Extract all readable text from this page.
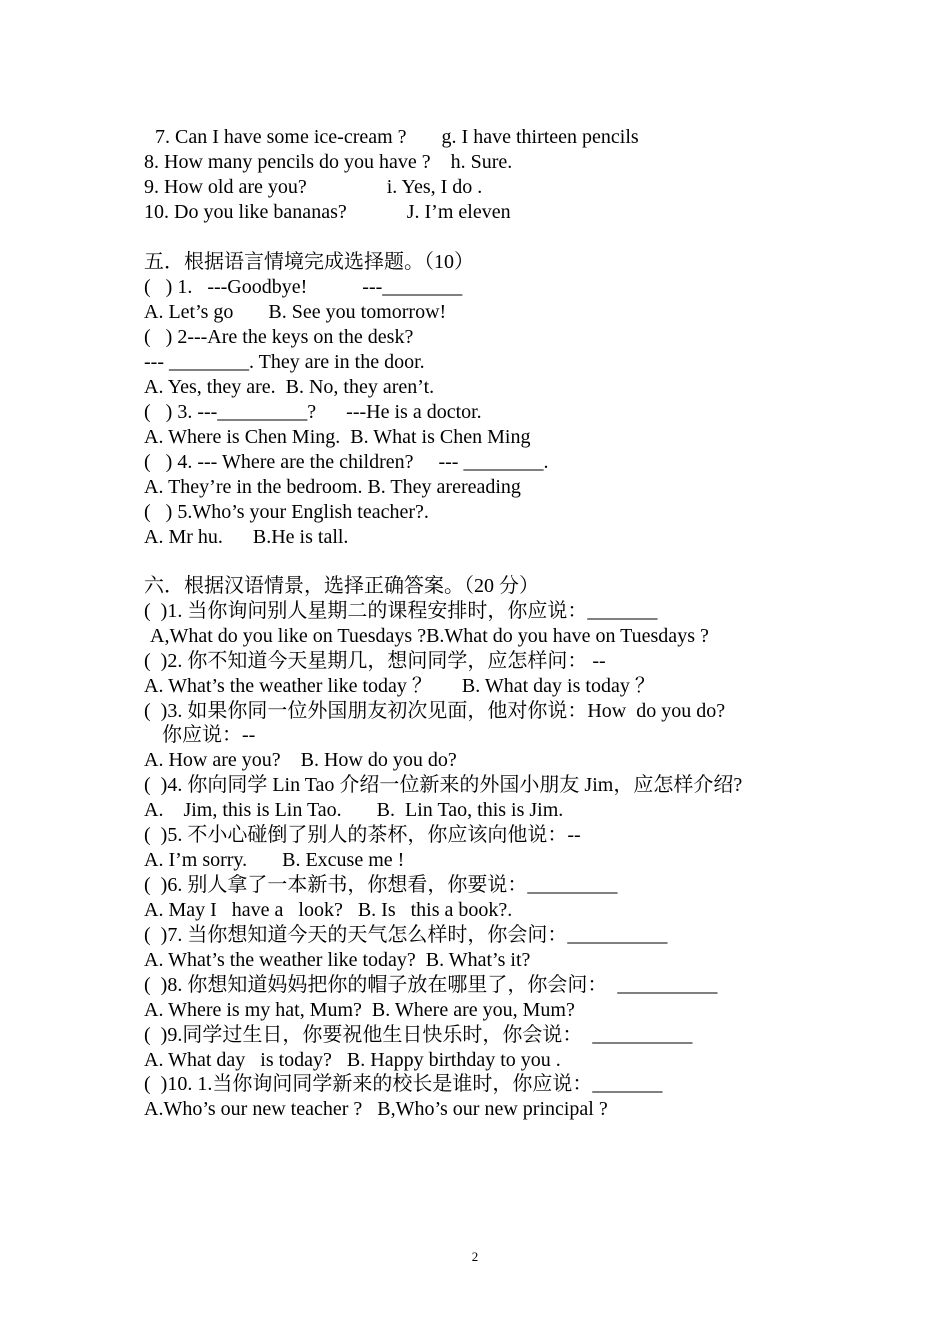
7. Can I have some ice-cream ?       g. I have thirteen pencils
8. How many pencils do you have ?    h. Sure.
9. How old are you?                i. Yes, I do .
10. Do you like bananas?            J. I’m eleven
五．根据语言情境完成选择题。（10）
(   ) 1.   ---Goodbye!           ---________
A. Let’s go       B. See you tomorrow!
(   ) 2---Are the keys on the desk?
--- ________. They are in the door.
A. Yes, they are.  B. No, they aren’t.
(   ) 3. ---_________?      ---He is a doctor.
A. Where is Chen Ming.  B. What is Chen Ming
(   ) 4. --- Where are the children?     --- ________.
A. They’re in the bedroom. B. They arereading
(   ) 5.Who’s your English teacher?.
A. Mr hu.      B.He is tall.
六．根据汉语情景，选择正确答案。（20 分）
(  )1. 当你询问别人星期二的课程安排时，你应说：_______
A,What do you like on Tuesdays ?B.What do you have on Tuesdays ?
(  )2. 你不知道今天星期几，想问同学，应怎样问： --
A. What’s the weather like today ？      B. What day is today ？
(  )3. 如果你同一位外国朋友初次见面，他对你说：How  do you do?
你应说：--
A. How are you?    B. How do you do?
(  )4. 你向同学 Lin Tao 介绍一位新来的外国小朋友 Jim，应怎样介绍?
A.    Jim, this is Lin Tao.       B.  Lin Tao, this is Jim.
(  )5. 不小心碰倒了别人的茶杯，你应该向他说：--
A. I’m sorry.       B. Excuse me !
(  )6. 别人拿了一本新书，你想看，你要说：_________
A. May I   have a   look?   B. Is   this a book?.
(  )7. 当你想知道今天的天气怎么样时，你会问：__________
A. What’s the weather like today?  B. What’s it?
(  )8. 你想知道妈妈把你的帽子放在哪里了，你会问：  __________
A. Where is my hat, Mum?  B. Where are you, Mum?
(  )9.同学过生日，你要祝他生日快乐时，你会说：  __________
A. What day   is today?   B. Happy birthday to you .
(  )10. 1.当你询问同学新来的校长是谁时，你应说：_______
A.Who’s our new teacher ?   B,Who’s our new principal ?
2
